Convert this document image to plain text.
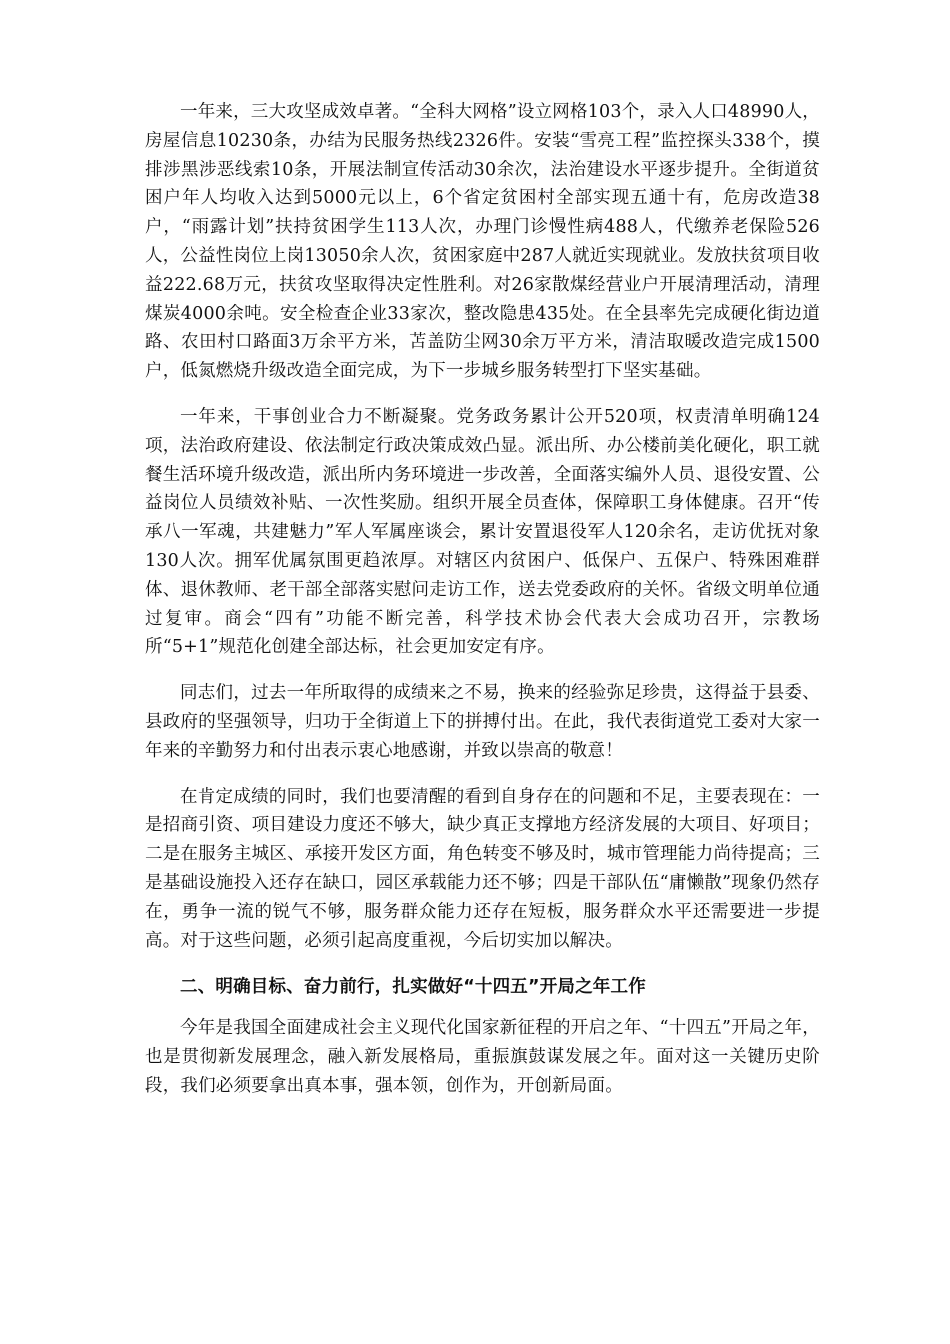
一年来，三大攻坚成效卓著。“全科大网格”设立网格103个，录入人口48990人，房屋信息10230条，办结为民服务热线2326件。安装“雪亮工程”监控探头338个，摸排涉黑涉恶线索10条，开展法制宣传活动30余次，法治建设水平逐步提升。全街道贫困户年人均收入达到5000元以上，6个省定贫困村全部实现五通十有，危房改造38户，“雨露计划”扶持贫困学生113人次，办理门诊慢性病488人，代缴养老保险526人，公益性岗位上岗13050余人次，贫困家庭中287人就近实现就业。发放扶贫项目收益222.68万元，扶贫攻坚取得决定性胜利。对26家散煤经营业户开展清理活动，清理煤炭4000余吨。安全检查企业33家次，整改隐患435处。在全县率先完成硬化街边道路、农田村口路面3万余平方米，苫盖防尘网30余万平方米，清洁取暖改造完成1500户，低氮燃烧升级改造全面完成，为下一步城乡服务转型打下坚实基础。

一年来，干事创业合力不断凝聚。党务政务累计公开520项，权责清单明确124项，法治政府建设、依法制定行政决策成效凸显。派出所、办公楼前美化硬化，职工就餐生活环境升级改造，派出所内务环境进一步改善，全面落实编外人员、退役安置、公益岗位人员绩效补贴、一次性奖励。组织开展全员查体，保障职工身体健康。召开“传承八一军魂，共建魅力”军人军属座谈会，累计安置退役军人120余名，走访优抚对象130人次。拥军优属氛围更趋浓厚。对辖区内贫困户、低保户、五保户、特殊困难群体、退休教师、老干部全部落实慰问走访工作，送去党委政府的关怀。省级文明单位通过复审。商会“四有”功能不断完善，科学技术协会代表大会成功召开，宗教场所“5+1”规范化创建全部达标，社会更加安定有序。

同志们，过去一年所取得的成绩来之不易，换来的经验弥足珍贵，这得益于县委、县政府的坚强领导，归功于全街道上下的拼搏付出。在此，我代表街道党工委对大家一年来的辛勤努力和付出表示衷心地感谢，并致以崇高的敬意！

在肯定成绩的同时，我们也要清醒的看到自身存在的问题和不足，主要表现在：一是招商引资、项目建设力度还不够大，缺少真正支撑地方经济发展的大项目、好项目；二是在服务主城区、承接开发区方面，角色转变不够及时，城市管理能力尚待提高；三是基础设施投入还存在缺口，园区承载能力还不够；四是干部队伍“庸懒散”现象仍然存在，勇争一流的锐气不够，服务群众能力还存在短板，服务群众水平还需要进一步提高。对于这些问题，必须引起高度重视，今后切实加以解决。

二、明确目标、奋力前行，扎实做好“十四五”开局之年工作

今年是我国全面建成社会主义现代化国家新征程的开启之年、“十四五”开局之年，也是贯彻新发展理念，融入新发展格局，重振旗鼓谋发展之年。面对这一关键历史阶段，我们必须要拿出真本事，强本领，创作为，开创新局面。
